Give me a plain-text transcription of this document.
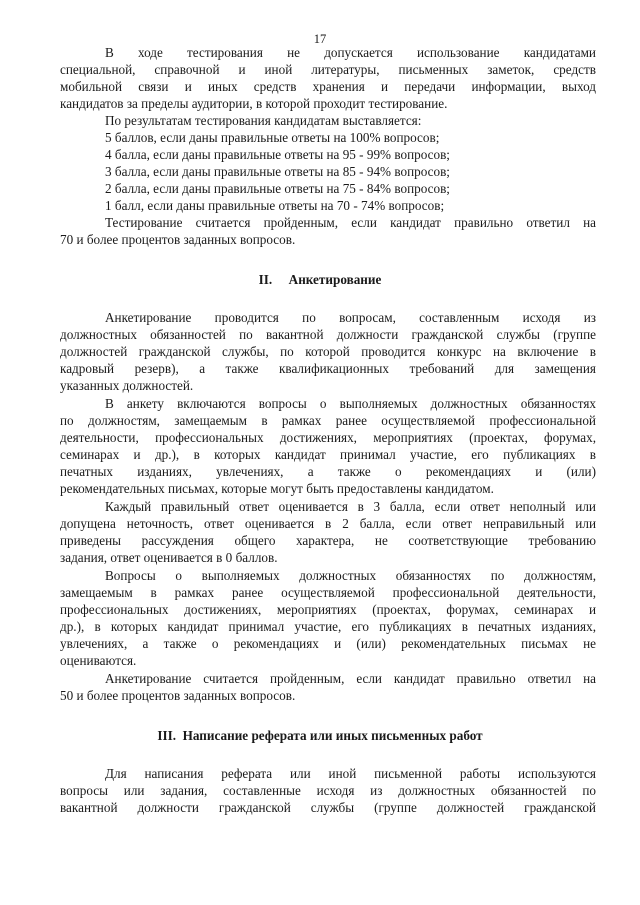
17
В ходе тестирования не допускается использование кандидатами
специальной, справочной и иной литературы, письменных заметок, средств
мобильной связи и иных средств хранения и передачи информации, выход
кандидатов за пределы аудитории, в которой проходит тестирование.
По результатам тестирования кандидатам выставляется:
5 баллов, если даны правильные ответы на 100% вопросов;
4 балла, если даны правильные ответы на 95 - 99% вопросов;
3 балла, если даны правильные ответы на 85 - 94% вопросов;
2 балла, если даны правильные ответы на 75 - 84% вопросов;
1 балл, если даны правильные ответы на 70 - 74% вопросов;
Тестирование считается пройденным, если кандидат правильно ответил на
70 и более процентов заданных вопросов.
II.     Анкетирование
Анкетирование проводится по вопросам, составленным исходя из
должностных обязанностей по вакантной должности гражданской службы (группе
должностей гражданской службы, по которой проводится конкурс на включение в
кадровый резерв), а также квалификационных требований для замещения
указанных должностей.
В анкету включаются вопросы о выполняемых должностных обязанностях
по должностям, замещаемым в рамках ранее осуществляемой профессиональной
деятельности, профессиональных достижениях, мероприятиях (проектах, форумах,
семинарах и др.), в которых кандидат принимал участие, его публикациях в
печатных изданиях, увлечениях, а также о рекомендациях и (или)
рекомендательных письмах, которые могут быть предоставлены кандидатом.
Каждый правильный ответ оценивается в 3 балла, если ответ неполный или
допущена неточность, ответ оценивается в 2 балла, если ответ неправильный или
приведены рассуждения общего характера, не соответствующие требованию
задания, ответ оценивается в 0 баллов.
Вопросы о выполняемых должностных обязанностях по должностям,
замещаемым в рамках ранее осуществляемой профессиональной деятельности,
профессиональных достижениях, мероприятиях (проектах, форумах, семинарах и
др.), в которых кандидат принимал участие, его публикациях в печатных изданиях,
увлечениях, а также о рекомендациях и (или) рекомендательных письмах не
оцениваются.
Анкетирование считается пройденным, если кандидат правильно ответил на
50 и более процентов заданных вопросов.
III.  Написание реферата или иных письменных работ
Для написания реферата или иной письменной работы используются
вопросы или задания, составленные исходя из должностных обязанностей по
вакантной должности гражданской службы (группе должностей гражданской
